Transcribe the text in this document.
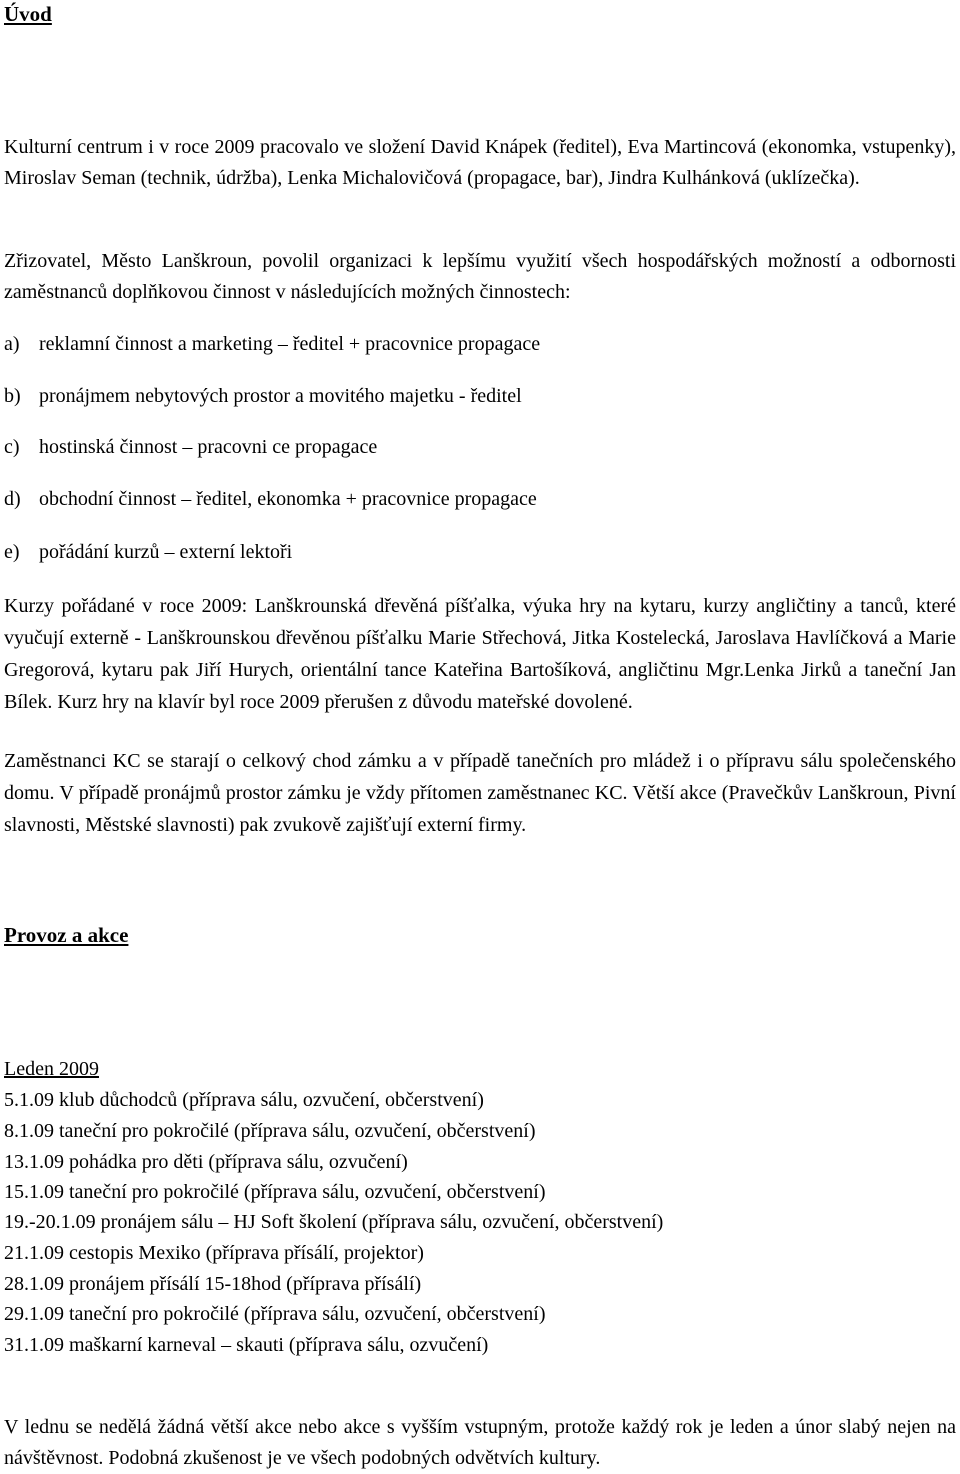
Úvod
Kulturní centrum i v roce 2009 pracovalo ve složení David Knápek (ředitel), Eva Martincová (ekonomka, vstupenky), Miroslav Seman (technik, údržba), Lenka Michalovičová (propagace, bar), Jindra Kulhánková (uklízečka).
Zřizovatel, Město Lanškroun, povolil organizaci k lepšímu využití všech hospodářských možností a odbornosti zaměstnanců doplňkovou činnost v následujících možných činnostech:
a) reklamní činnost a marketing – ředitel + pracovnice propagace
b) pronájmem nebytových prostor a movitého majetku - ředitel
c) hostinská činnost – pracovni ce propagace
d) obchodní činnost – ředitel, ekonomka + pracovnice propagace
e) pořádání kurzů – externí lektoři
Kurzy pořádané v roce 2009: Lanškrounská dřevěná píšťalka, výuka hry na kytaru, kurzy angličtiny a tanců, které vyučují externě - Lanškrounskou dřevěnou píšťalku Marie Střechová, Jitka Kostelecká, Jaroslava Havlíčková a Marie Gregorová, kytaru pak Jiří Hurych, orientální tance Kateřina Bartošíková, angličtinu Mgr.Lenka Jirků a taneční Jan Bílek. Kurz hry na klavír byl roce 2009 přerušen z důvodu mateřské dovolené.
Zaměstnanci KC se starají o celkový chod zámku a v případě tanečních pro mládež i o přípravu sálu společenského domu. V případě pronájmů prostor zámku je vždy přítomen zaměstnanec KC. Větší akce (Pravečkův Lanškroun, Pivní slavnosti, Městské slavnosti) pak zvukově zajišťují externí firmy.
Provoz a akce
Leden 2009
5.1.09 klub důchodců (příprava sálu, ozvučení, občerstvení)
8.1.09 taneční pro pokročilé (příprava sálu, ozvučení, občerstvení)
13.1.09 pohádka pro děti (příprava sálu, ozvučení)
15.1.09 taneční pro pokročilé (příprava sálu, ozvučení, občerstvení)
19.-20.1.09 pronájem sálu – HJ Soft školení (příprava sálu, ozvučení, občerstvení)
21.1.09 cestopis Mexiko (příprava přísálí, projektor)
28.1.09 pronájem přísálí 15-18hod (příprava přísálí)
29.1.09 taneční pro pokročilé (příprava sálu, ozvučení, občerstvení)
31.1.09 maškarní karneval – skauti (příprava sálu, ozvučení)
V lednu se nedělá žádná větší akce nebo akce s vyšším vstupným, protože každý rok je leden a únor slabý nejen na návštěvnost. Podobná zkušenost je ve všech podobných odvětvích kultury.
